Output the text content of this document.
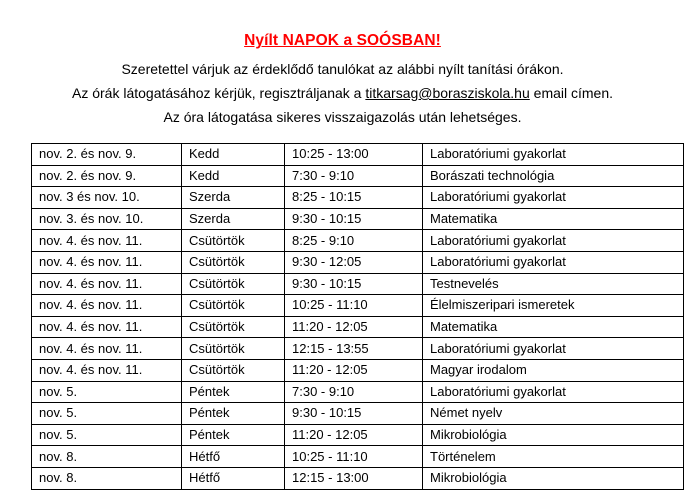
Nyílt NAPOK a SOÓSBAN!
Szeretettel várjuk az érdeklődő tanulókat az alábbi nyílt tanítási órákon.
Az órák látogatásához kérjük, regisztráljanak a titkarsag@borasziskola.hu email címen.
Az óra látogatása sikeres visszaigazolás után lehetséges.
nov. 2. és nov. 9.	Kedd	10:25 - 13:00	Laboratóriumi gyakorlat
nov. 2. és nov. 9.	Kedd	7:30 - 9:10	Borászati technológia
nov. 3 és nov. 10.	Szerda	8:25 - 10:15	Laboratóriumi gyakorlat
nov. 3. és nov. 10.	Szerda	9:30 - 10:15	Matematika
nov. 4. és nov. 11.	Csütörtök	8:25 - 9:10	Laboratóriumi gyakorlat
nov. 4. és nov. 11.	Csütörtök	9:30 - 12:05	Laboratóriumi gyakorlat
nov. 4. és nov. 11.	Csütörtök	9:30 - 10:15	Testnevelés
nov. 4. és nov. 11.	Csütörtök	10:25 - 11:10	Élelmiszeripari ismeretek
nov. 4. és nov. 11.	Csütörtök	11:20 - 12:05	Matematika
nov. 4. és nov. 11.	Csütörtök	12:15 - 13:55	Laboratóriumi gyakorlat
nov. 4. és nov. 11.	Csütörtök	11:20 - 12:05	Magyar irodalom
nov. 5.	Péntek	7:30 - 9:10	Laboratóriumi gyakorlat
nov. 5.	Péntek	9:30 - 10:15	Német nyelv
nov. 5.	Péntek	11:20 - 12:05	Mikrobiológia
nov. 8.	Hétfő	10:25 - 11:10	Történelem
nov. 8.	Hétfő	12:15 - 13:00	Mikrobiológia
